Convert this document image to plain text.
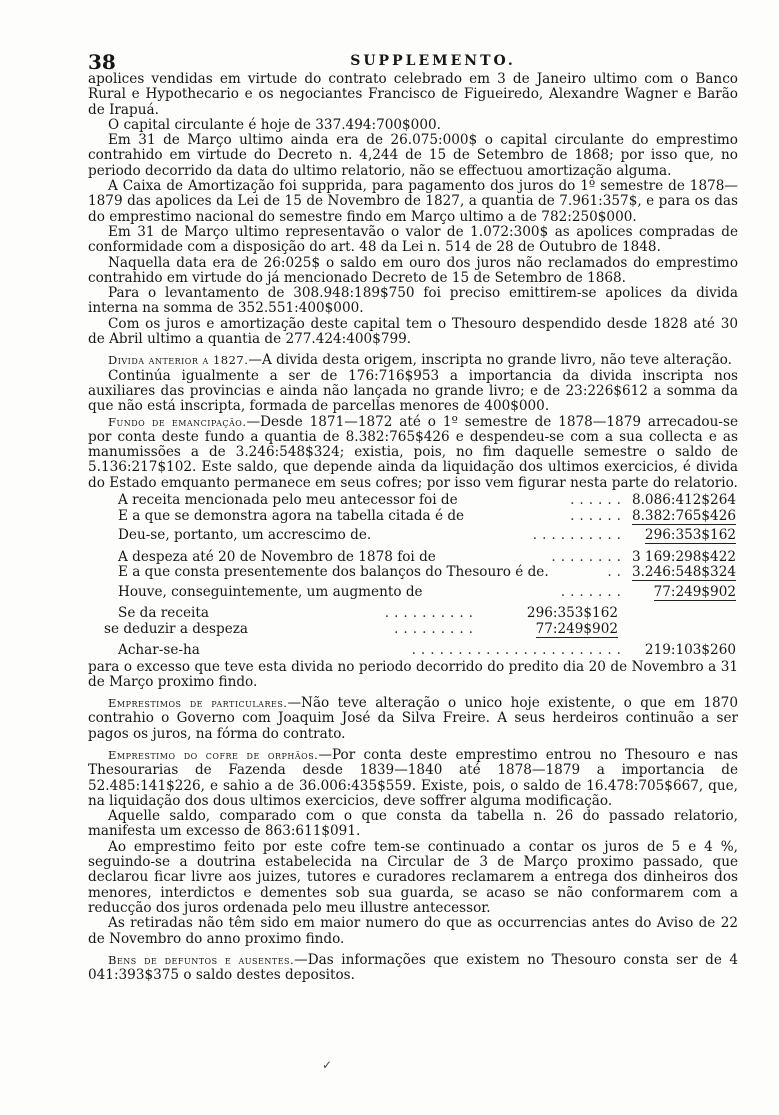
38	SUPPLEMENTO.

apolices vendidas em virtude do contrato celebrado em 3 de Janeiro ultimo com o Banco Rural e Hypothecario e os negociantes Francisco de Figueiredo, Alexandre Wagner e Barão de Irapuá.

O capital circulante é hoje de 337.494:700$000.

Em 31 de Março ultimo ainda era de 26.075:000$ o capital circulante do emprestimo contrahido em virtude do Decreto n. 4,244 de 15 de Setembro de 1868; por isso que, no periodo decorrido da data do ultimo relatorio, não se effectuou amortização alguma.

A Caixa de Amortização foi supprida, para pagamento dos juros do 1º semestre de 1878—1879 das apolices da Lei de 15 de Novembro de 1827, a quantia de 7.961:357$, e para os das do emprestimo nacional do semestre findo em Março ultimo a de 782:250$000.

Em 31 de Março ultimo representavão o valor de 1.072:300$ as apolices compradas de conformidade com a disposição do art. 48 da Lei n. 514 de 28 de Outubro de 1848.

Naquella data era de 26:025$ o saldo em ouro dos juros não reclamados do emprestimo contrahido em virtude do já mencionado Decreto de 15 de Setembro de 1868.

Para o levantamento de 308.948:189$750 foi preciso emittirem-se apolices da divida interna na somma de 352.551:400$000.

Com os juros e amortização deste capital tem o Thesouro despendido desde 1828 até 30 de Abril ultimo a quantia de 277.424:400$799.

Divida anterior a 1827.—A divida desta origem, inscripta no grande livro, não teve alteração.

Continúa igualmente a ser de 176:716$953 a importancia da divida inscripta nos auxiliares das provincias e ainda não lançada no grande livro; e de 23:226$612 a somma da que não está inscripta, formada de parcellas menores de 400$000.

Fundo de emancipação.—Desde 1871—1872 até o 1º semestre de 1878—1879 arrecadou-se por conta deste fundo a quantia de 8.382:765$426 e despendeu-se com a sua collecta e as manumissões a de 3.246:548$324; existia, pois, no fim daquelle semestre o saldo de 5.136:217$102. Este saldo, que depende ainda da liquidação dos ultimos exercicios, é divida do Estado emquanto permanece em seus cofres; por isso vem figurar nesta parte do relatorio.

A receita mencionada pelo meu antecessor foi de	...... 8.086:412$264
E a que se demonstra agora na tabella citada é de	...... 8.382:765$426
Deu-se, portanto, um accrescimo de.	.......... 296:353$162
A despeza até 20 de Novembro de 1878 foi de	........ 3 169:298$422
E a que consta presentemente dos balanços do Thesouro é de.	.. 3.246:548$324
Houve, conseguintemente, um augmento de	....... 77:249$902
Se da receita	..........	296:353$162
se deduzir a despeza	.........	77:249$902
Achar-se-ha	....................... 219:103$260

para o excesso que teve esta divida no periodo decorrido do predito dia 20 de Novembro a 31 de Março proximo findo.

Emprestimos de particulares.—Não teve alteração o unico hoje existente, o que em 1870 contrahio o Governo com Joaquim José da Silva Freire. A seus herdeiros continuão a ser pagos os juros, na fórma do contrato.

Emprestimo do cofre de orphãos.—Por conta deste emprestimo entrou no Thesouro e nas Thesourarias de Fazenda desde 1839—1840 até 1878—1879 a importancia de 52.485:141$226, e sahio a de 36.006:435$559. Existe, pois, o saldo de 16.478:705$667, que, na liquidação dos dous ultimos exercicios, deve soffrer alguma modificação.

Aquelle saldo, comparado com o que consta da tabella n. 26 do passado relatorio, manifesta um excesso de 863:611$091.

Ao emprestimo feito por este cofre tem-se continuado a contar os juros de 5 e 4 %, seguindo-se a doutrina estabelecida na Circular de 3 de Março proximo passado, que declarou ficar livre aos juizes, tutores e curadores reclamarem a entrega dos dinheiros dos menores, interdictos e dementes sob sua guarda, se acaso se não conformarem com a reducção dos juros ordenada pelo meu illustre antecessor.

As retiradas não têm sido em maior numero do que as occurrencias antes do Aviso de 22 de Novembro do anno proximo findo.

Bens de defuntos e ausentes.—Das informações que existem no Thesouro consta ser de 4 041:393$375 o saldo destes depositos.

✓
